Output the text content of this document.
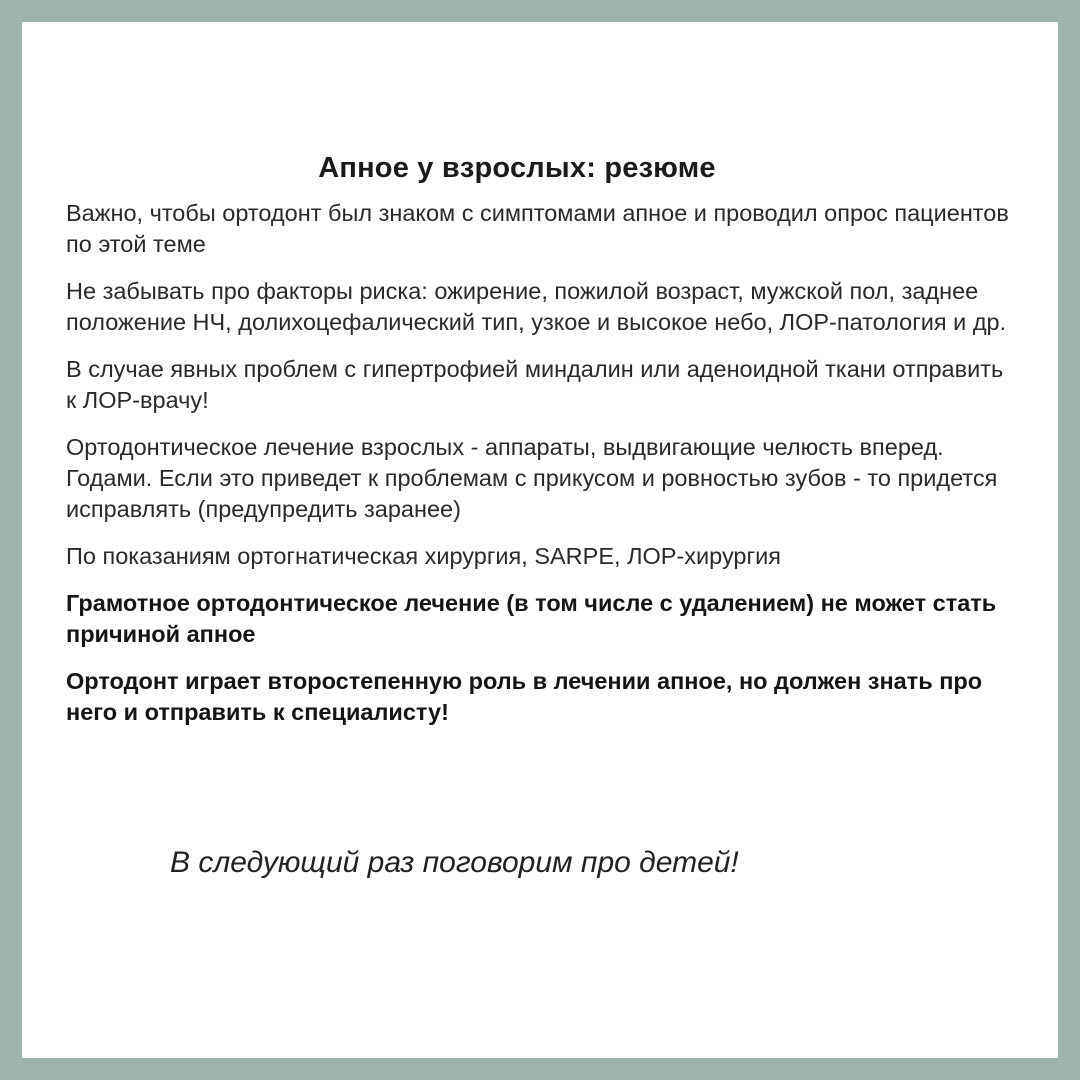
Апное у взрослых: резюме

Важно, чтобы ортодонт был знаком с симптомами апное и проводил опрос пациентов по этой теме

Не забывать про факторы риска: ожирение, пожилой возраст, мужской пол, заднее положение НЧ, долихоцефалический тип, узкое и высокое небо, ЛОР-патология и др.

В случае явных проблем с гипертрофией миндалин или аденоидной ткани отправить к ЛОР-врачу!

Ортодонтическое лечение взрослых - аппараты, выдвигающие челюсть вперед. Годами. Если это приведет к проблемам с прикусом и ровностью зубов - то придется исправлять (предупредить заранее)

По показаниям ортогнатическая хирургия, SARPE, ЛОР-хирургия

Грамотное ортодонтическое лечение (в том числе с удалением) не может стать причиной апное

Ортодонт играет второстепенную роль в лечении апное, но должен знать про него и отправить к специалисту!

В следующий раз поговорим про детей!
